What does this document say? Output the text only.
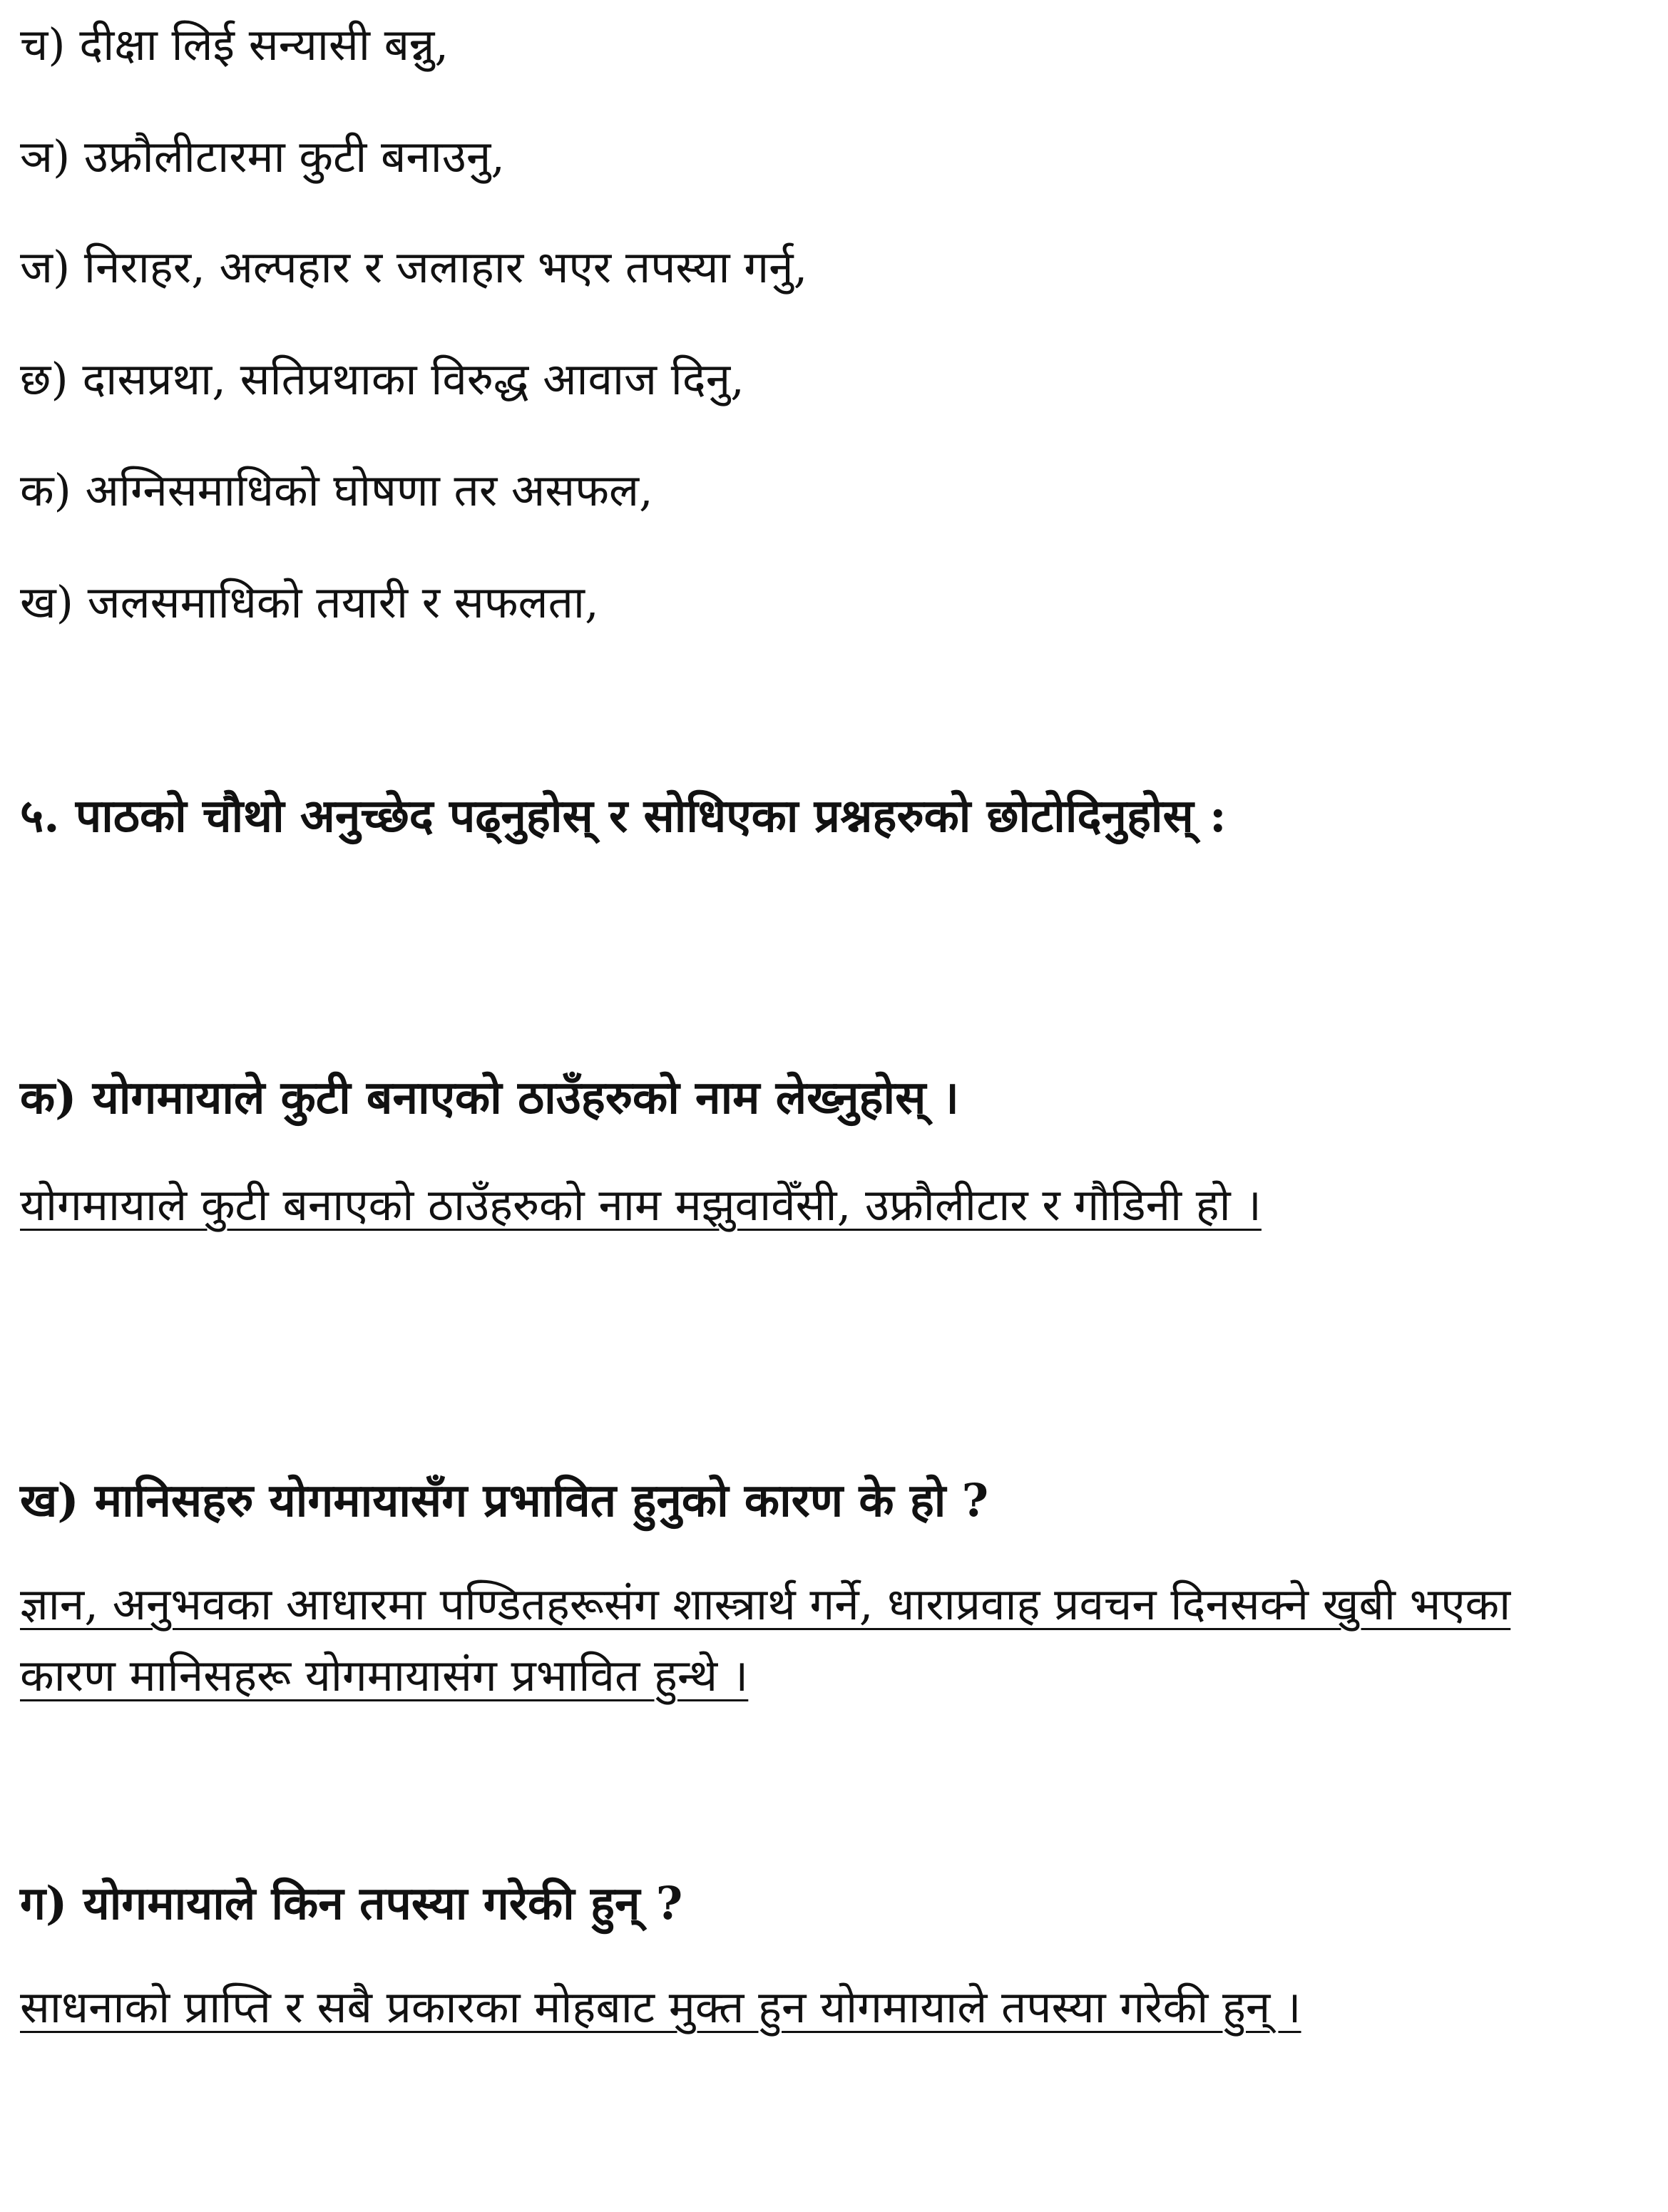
च) दीक्षा लिई सन्यासी बन्नु,
ञ) उफ्रौलीटारमा कुटी बनाउनु,
ज) निराहर, अल्पहार र जलाहार भएर तपस्या गर्नु,
छ) दासप्रथा, सतिप्रथाका विरुद्ध आवाज दिनु,
क) अग्निसमाधिको घोषणा तर असफल,
ख) जलसमाधिको तयारी र सफलता,
५. पाठको चौथो अनुच्छेद पढ्नुहोस् र सोधिएका प्रश्नहरुको छोटोदिनुहोस् :
क) योगमायाले कुटी बनाएको ठाउँहरुको नाम लेख्नुहोस् ।
योगमायाले कुटी बनाएको ठाउँहरुको नाम मझुवावेँसी, उफ्रौलीटार र गौडिनी हो ।
ख) मानिसहरु योगमायासँग प्रभावित हुनुको कारण के हो ?
ज्ञान, अनुभवका आधारमा पण्डितहरूसंग शास्त्रार्थ गर्ने, धाराप्रवाह प्रवचन दिनसक्ने खुबी भएका कारण मानिसहरू योगमायासंग प्रभावित हुन्थे ।
ग) योगमायाले किन तपस्या गरेकी हुन् ?
साधनाको प्राप्ति र सबै प्रकारका मोहबाट मुक्त हुन योगमायाले तपस्या गरेकी हुन् ।
